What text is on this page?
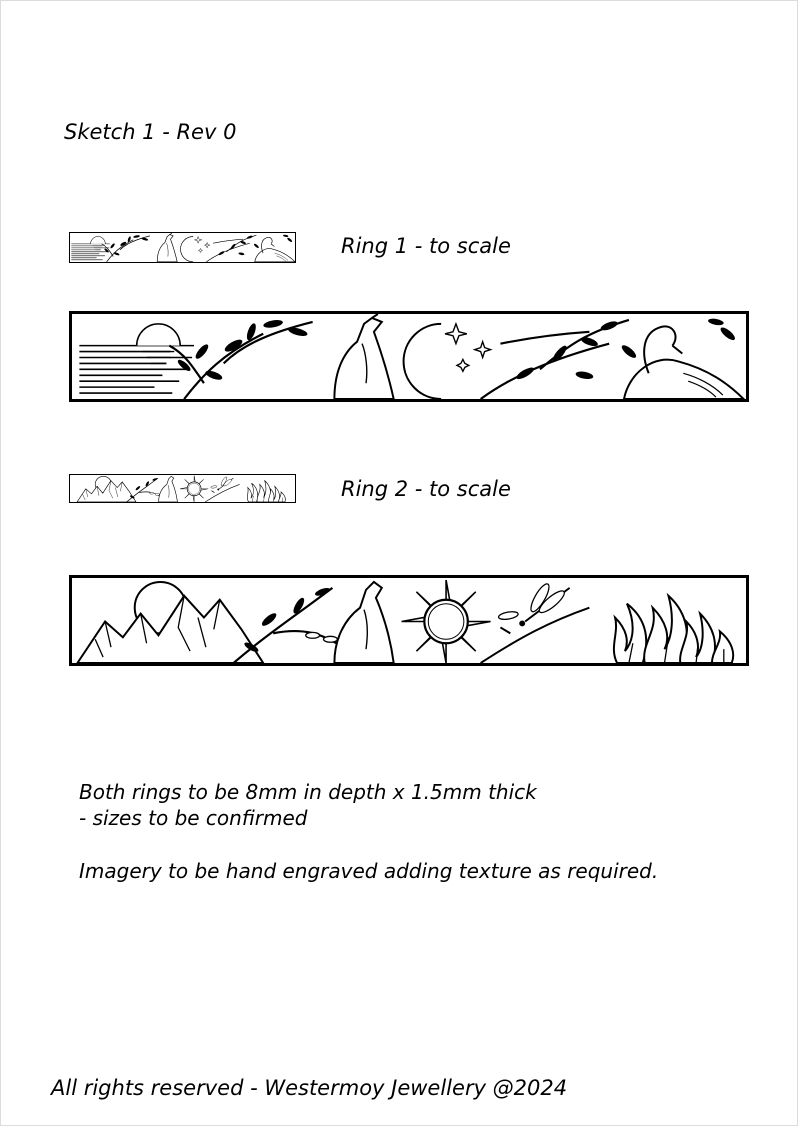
Sketch 1 - Rev 0
Ring 1 - to scale
Ring 2 - to scale
Both rings to be 8mm in depth x 1.5mm thick
- sizes to be confirmed
Imagery to be hand engraved adding texture as required.
All rights reserved - Westermoy Jewellery @2024
